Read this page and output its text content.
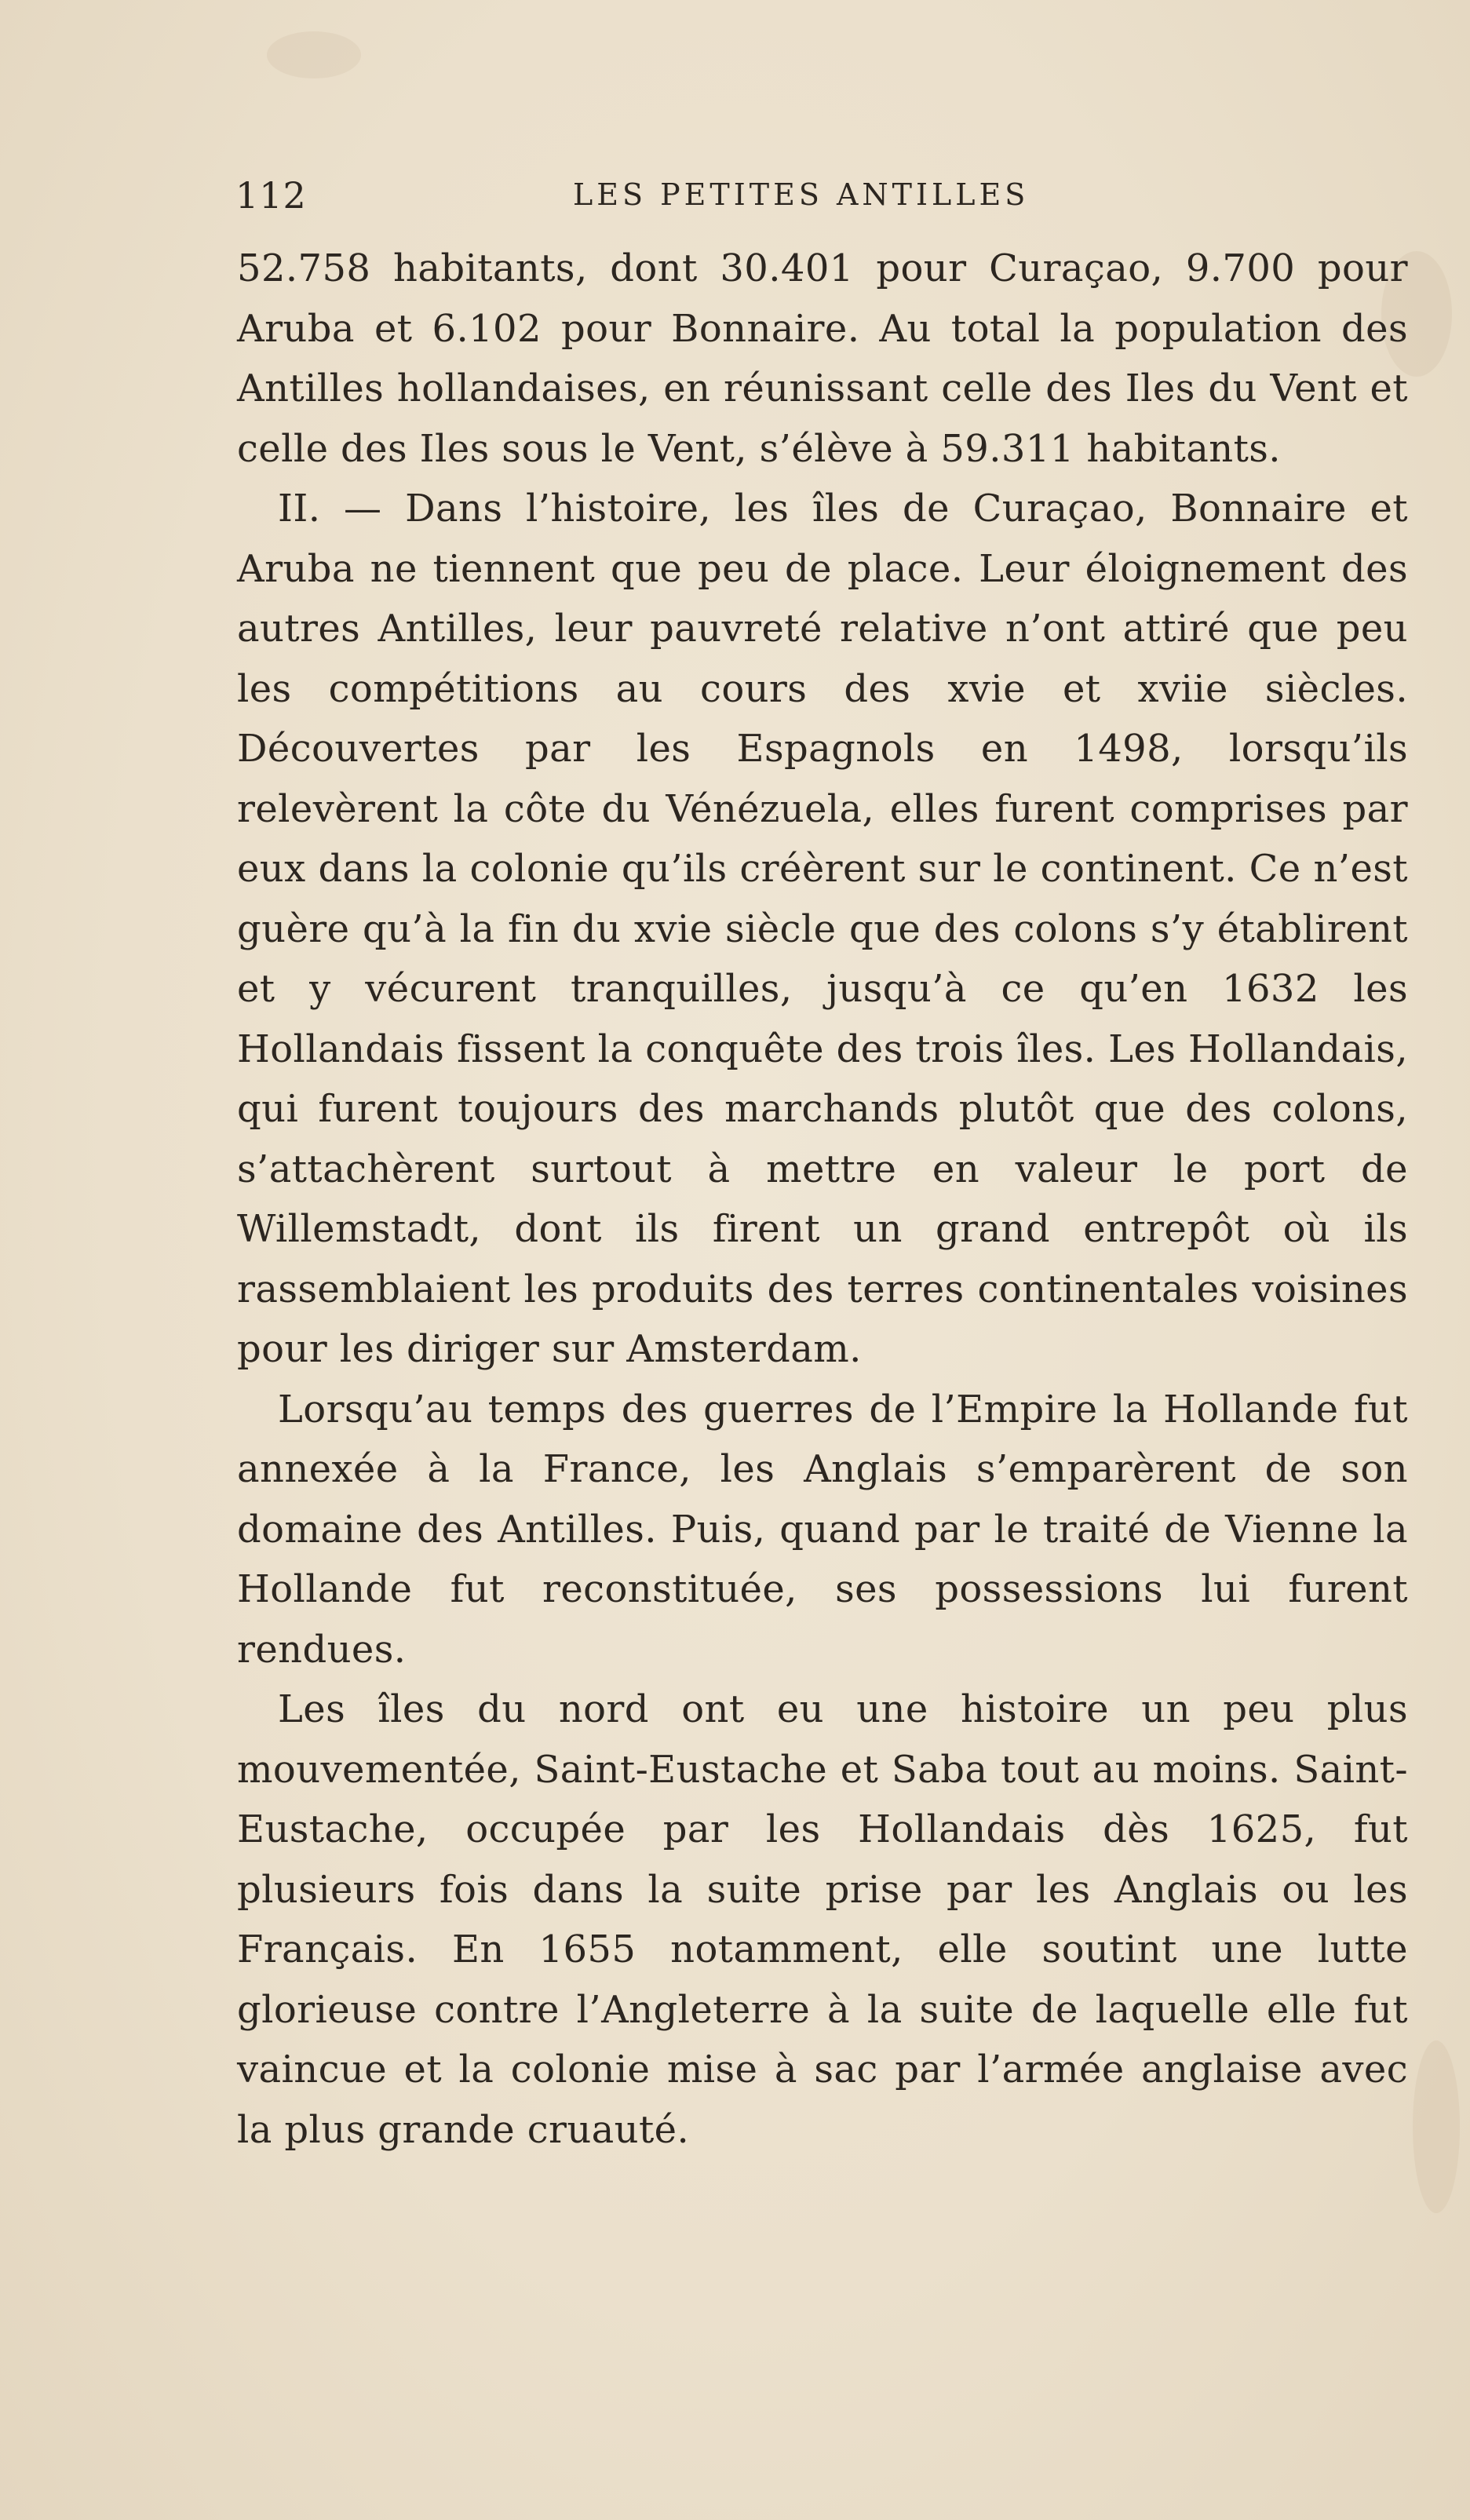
112	LES PETITES ANTILLES

52.758 habitants, dont 30.401 pour Curaçao, 9.700 pour Aruba et 6.102 pour Bonnaire. Au total la population des Antilles hollandaises, en réunissant celle des Iles du Vent et celle des Iles sous le Vent, s’élève à 59.311 habitants.

II. — Dans l’histoire, les îles de Curaçao, Bonnaire et Aruba ne tiennent que peu de place. Leur éloignement des autres Antilles, leur pauvreté relative n’ont attiré que peu les compétitions au cours des xvie et xviie siècles. Découvertes par les Espagnols en 1498, lorsqu’ils relevèrent la côte du Vénézuela, elles furent comprises par eux dans la colonie qu’ils créèrent sur le continent. Ce n’est guère qu’à la fin du xvie siècle que des colons s’y établirent et y vécurent tranquilles, jusqu’à ce qu’en 1632 les Hollandais fissent la conquête des trois îles. Les Hollandais, qui furent toujours des marchands plutôt que des colons, s’attachèrent surtout à mettre en valeur le port de Willemstadt, dont ils firent un grand entrepôt où ils rassemblaient les produits des terres continentales voisines pour les diriger sur Amsterdam.

Lorsqu’au temps des guerres de l’Empire la Hollande fut annexée à la France, les Anglais s’emparèrent de son domaine des Antilles. Puis, quand par le traité de Vienne la Hollande fut reconstituée, ses possessions lui furent rendues.

Les îles du nord ont eu une histoire un peu plus mouvementée, Saint-Eustache et Saba tout au moins. Saint-Eustache, occupée par les Hollandais dès 1625, fut plusieurs fois dans la suite prise par les Anglais ou les Français. En 1655 notamment, elle soutint une lutte glorieuse contre l’Angleterre à la suite de laquelle elle fut vaincue et la colonie mise à sac par l’armée anglaise avec la plus grande cruauté.
